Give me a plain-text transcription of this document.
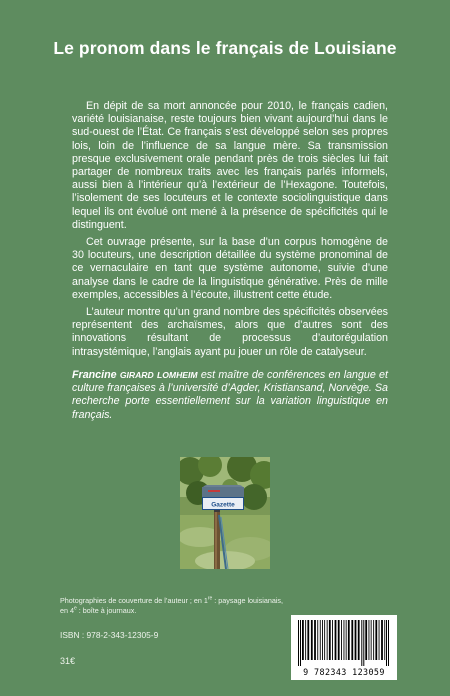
Le pronom dans le français de Louisiane

En dépit de sa mort annoncée pour 2010, le français cadien, variété louisianaise, reste toujours bien vivant aujourd’hui dans le sud-ouest de l’État. Ce français s’est développé selon ses propres lois, loin de l’influence de sa langue mère. Sa transmission presque exclusivement orale pendant près de trois siècles lui fait partager de nombreux traits avec les français parlés informels, aussi bien à l’intérieur qu’à l’extérieur de l’Hexagone. Toutefois, l’isolement de ses locuteurs et le contexte sociolinguistique dans lequel ils ont évolué ont mené à la présence de spécificités qui le distinguent.

Cet ouvrage présente, sur la base d’un corpus homogène de 30 locuteurs, une description détaillée du système pronominal de ce vernaculaire en tant que système autonome, suivie d’une analyse dans le cadre de la linguistique générative. Près de mille exemples, accessibles à l’écoute, illustrent cette étude.

L’auteur montre qu’un grand nombre des spécificités observées représentent des archaïsmes, alors que d’autres sont des innovations résultant de processus d’autorégulation intrasystémique, l’anglais ayant pu jouer un rôle de catalyseur.

Francine GIRARD LOMHEIM est maître de conférences en langue et culture françaises à l’université d’Agder, Kristiansand, Norvège. Sa recherche porte essentiellement sur la variation linguistique en français.
Gazette
Photographies de couverture de l’auteur ; en 1re : paysage louisianais,
en 4e : boîte à journaux.
ISBN : 978-2-343-12305-9
31€
9 782343 123059
